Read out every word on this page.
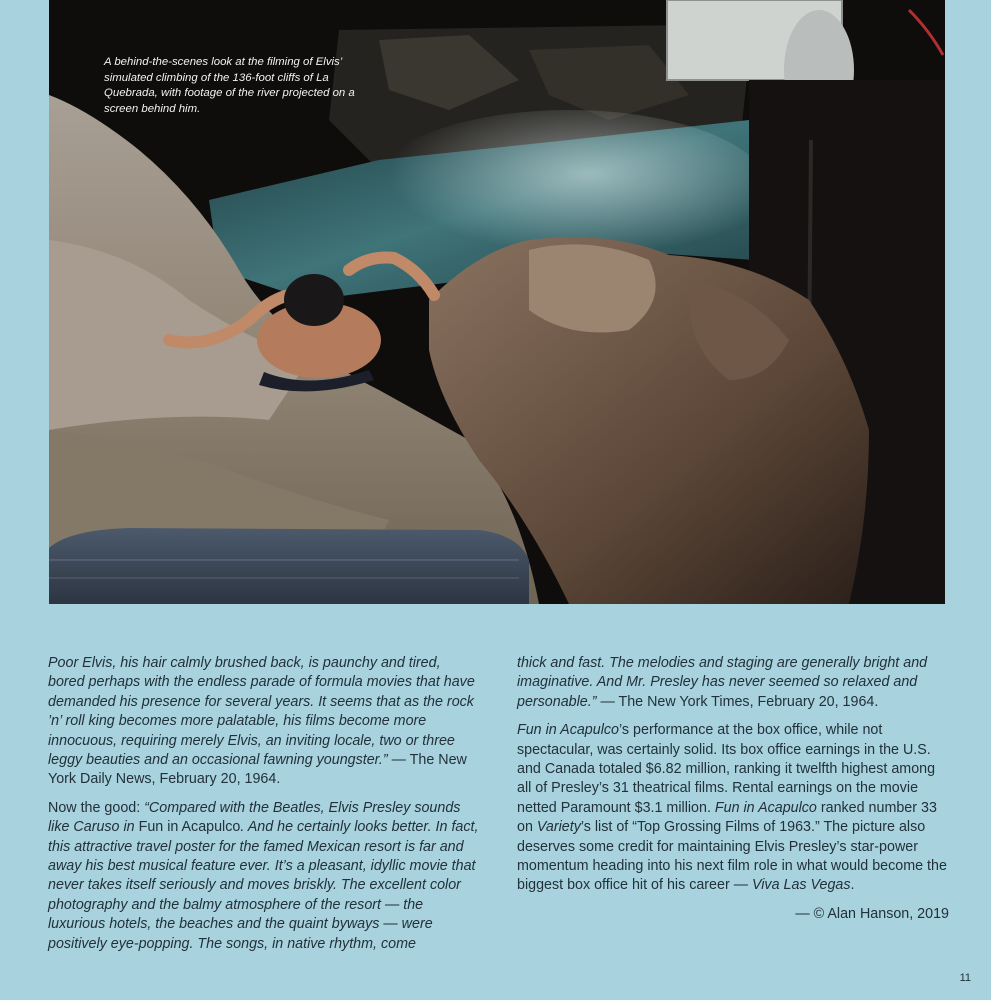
A behind-the-scenes look at the filming of Elvis’ simulated climbing of the 136-foot cliffs of La Quebrada, with footage of the river projected on a screen behind him.

Poor Elvis, his hair calmly brushed back, is paunchy and tired, bored perhaps with the endless parade of formula movies that have demanded his presence for several years. It seems that as the rock ’n’ roll king becomes more palatable, his films become more innocuous, requiring merely Elvis, an inviting locale, two or three leggy beauties and an occasional fawning youngster.” — The New York Daily News, February 20, 1964.

Now the good: “Compared with the Beatles, Elvis Presley sounds like Caruso in Fun in Acapulco. And he certainly looks better. In fact, this attractive travel poster for the famed Mexican resort is far and away his best musical feature ever. It’s a pleasant, idyllic movie that never takes itself seriously and moves briskly. The excellent color photography and the balmy atmosphere of the resort — the luxurious hotels, the beaches and the quaint byways — were positively eye-popping. The songs, in native rhythm, come

thick and fast. The melodies and staging are generally bright and imaginative. And Mr. Presley has never seemed so relaxed and personable.” — The New York Times, February 20, 1964.

Fun in Acapulco’s performance at the box office, while not spectacular, was certainly solid. Its box office earnings in the U.S. and Canada totaled $6.82 million, ranking it twelfth highest among all of Presley’s 31 theatrical films. Rental earnings on the movie netted Paramount $3.1 million. Fun in Acapulco ranked number 33 on Variety’s list of “Top Grossing Films of 1963.” The picture also deserves some credit for maintaining Elvis Presley’s star-power momentum heading into his next film role in what would become the biggest box office hit of his career — Viva Las Vegas.

— © Alan Hanson, 2019

11
